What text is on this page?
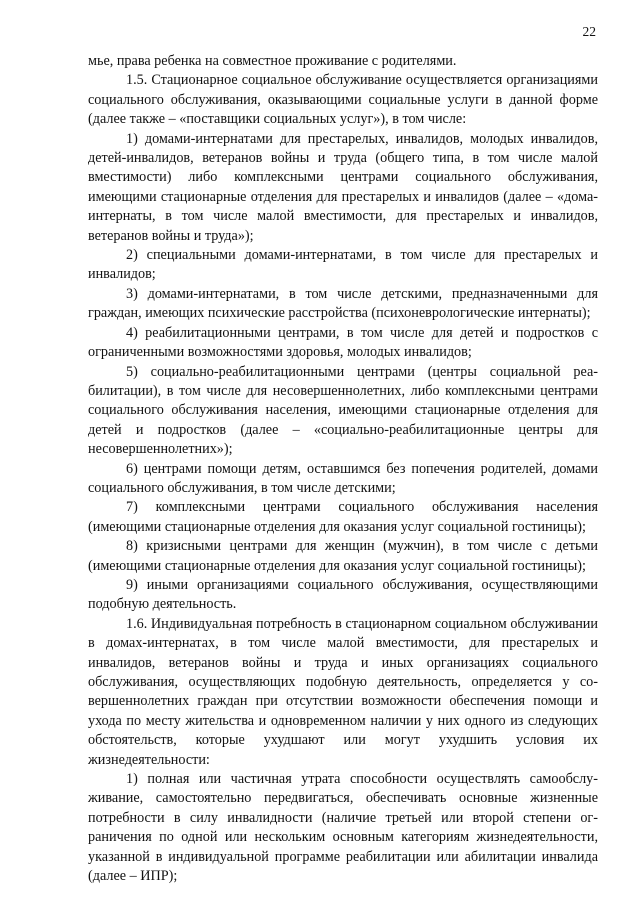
22

мье, права ребенка на совместное проживание с родителями.

1.5. Стационарное социальное обслуживание осуществляется организациями социального обслуживания, оказывающими социальные услуги в данной форме (далее также – «поставщики социальных услуг»), в том числе:

1) домами-интернатами для престарелых, инвалидов, молодых инвалидов, детей-инвалидов, ветеранов войны и труда (общего типа, в том числе малой вместимости) либо комплексными центрами социального обслуживания, имеющими стационарные отделения для престарелых и инвалидов (далее – «дома-интернаты, в том числе малой вместимости, для престарелых и инвалидов, ветеранов войны и труда»);

2) специальными домами-интернатами, в том числе для престарелых и инвалидов;

3) домами-интернатами, в том числе детскими, предназначенными для граждан, имеющих психические расстройства (психоневрологические интернаты);

4) реабилитационными центрами, в том числе для детей и подростков с ограниченными возможностями здоровья, молодых инвалидов;

5) социально-реабилитационными центрами (центры социальной реабилитации), в том числе для несовершеннолетних, либо комплексными центрами социального обслуживания населения, имеющими стационарные отделения для детей и подростков (далее – «социально-реабилитационные центры для несовершеннолетних»);

6) центрами помощи детям, оставшимся без попечения родителей, домами социального обслуживания, в том числе детскими;

7) комплексными центрами социального обслуживания населения (имеющими стационарные отделения для оказания услуг социальной гостиницы);

8) кризисными центрами для женщин (мужчин), в том числе с детьми (имеющими стационарные отделения для оказания услуг социальной гостиницы);

9) иными организациями социального обслуживания, осуществляющими подобную деятельность.

1.6. Индивидуальная потребность в стационарном социальном обслуживании в домах-интернатах, в том числе малой вместимости, для престарелых и инвалидов, ветеранов войны и труда и иных организациях социального обслуживания, осуществляющих подобную деятельность, определяется у совершеннолетних граждан при отсутствии возможности обеспечения помощи и ухода по месту жительства и одновременном наличии у них одного из следующих обстоятельств, которые ухудшают или могут ухудшить условия их жизнедеятельности:

1) полная или частичная утрата способности осуществлять самообслуживание, самостоятельно передвигаться, обеспечивать основные жизненные потребности в силу инвалидности (наличие третьей или второй степени ограничения по одной или нескольким основным категориям жизнедеятельности, указанной в индивидуальной программе реабилитации или абилитации инвалида (далее – ИПР);
